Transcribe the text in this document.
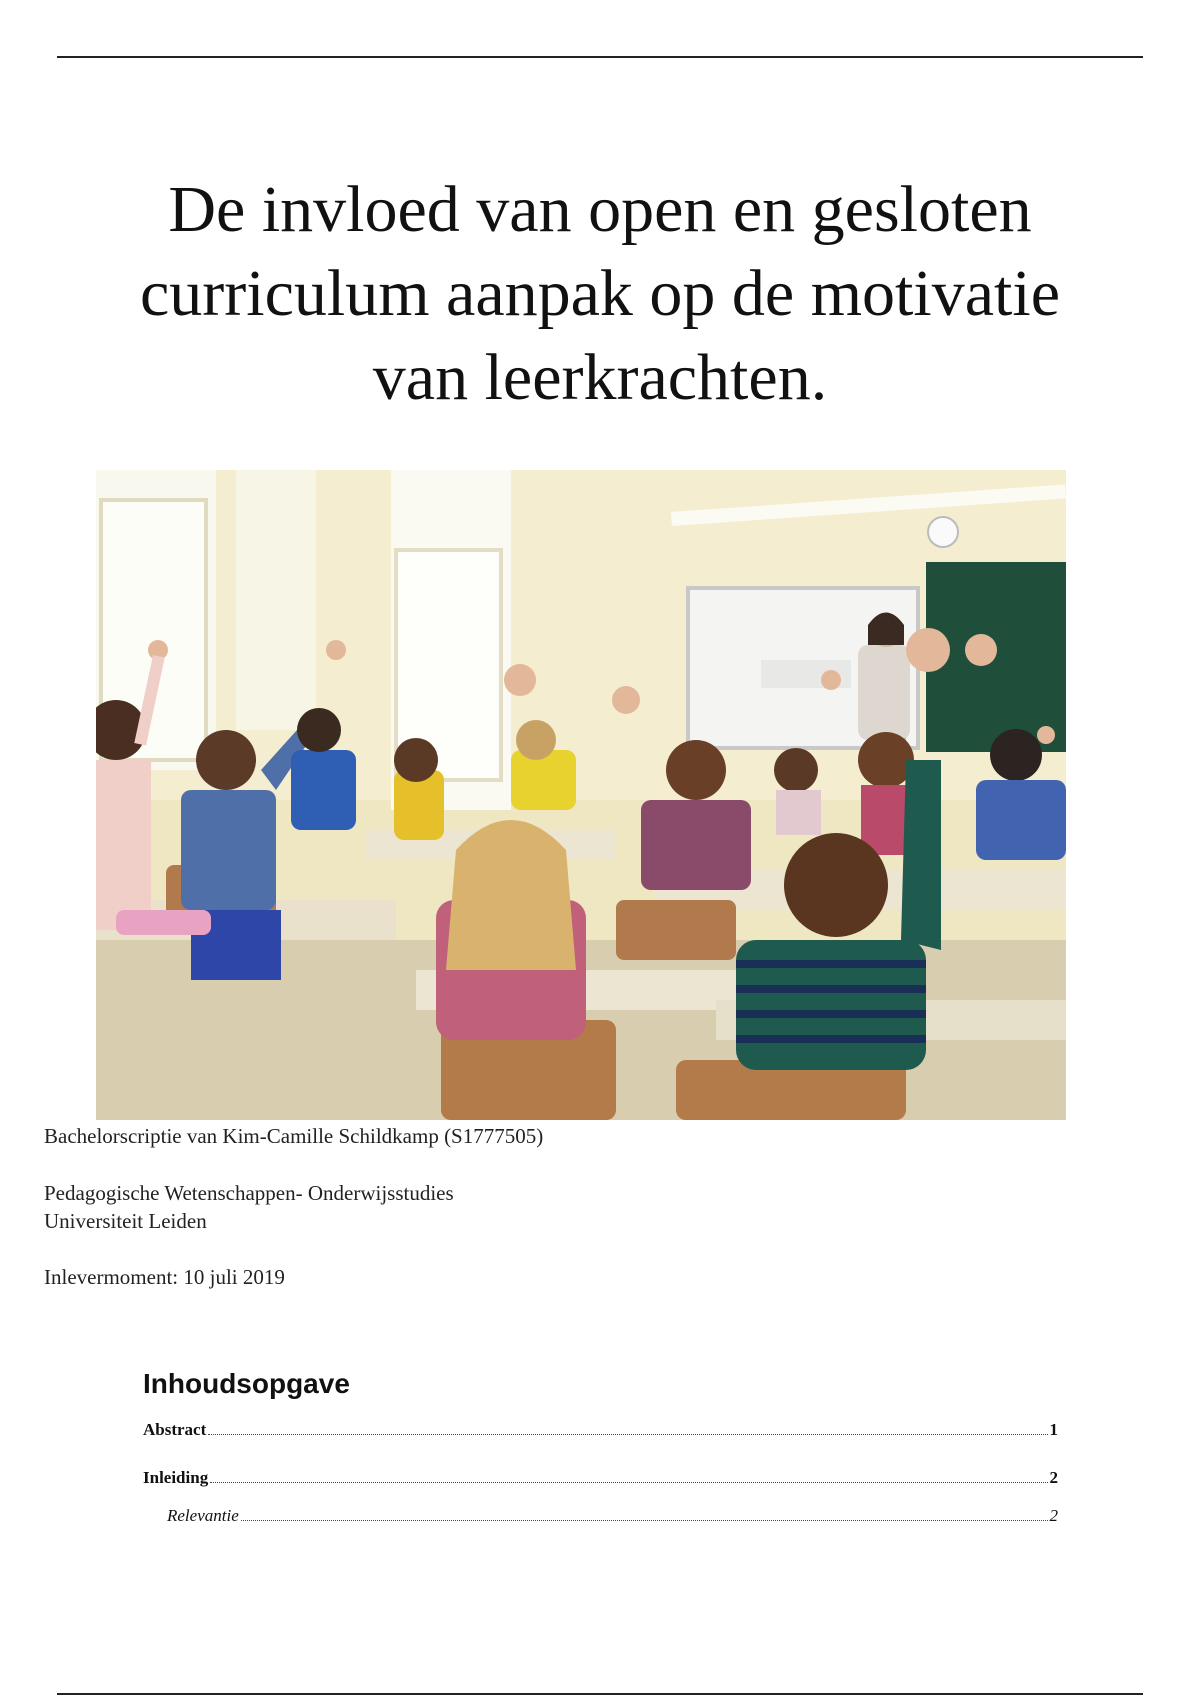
De invloed van open en gesloten
curriculum aanpak op de motivatie
van leerkrachten.
Bachelorscriptie van Kim-Camille Schildkamp (S1777505)
Pedagogische Wetenschappen- Onderwijsstudies
Universiteit Leiden
Inlevermoment: 10 juli 2019
Inhoudsopgave
Abstract	1
Inleiding	2
Relevantie	2
